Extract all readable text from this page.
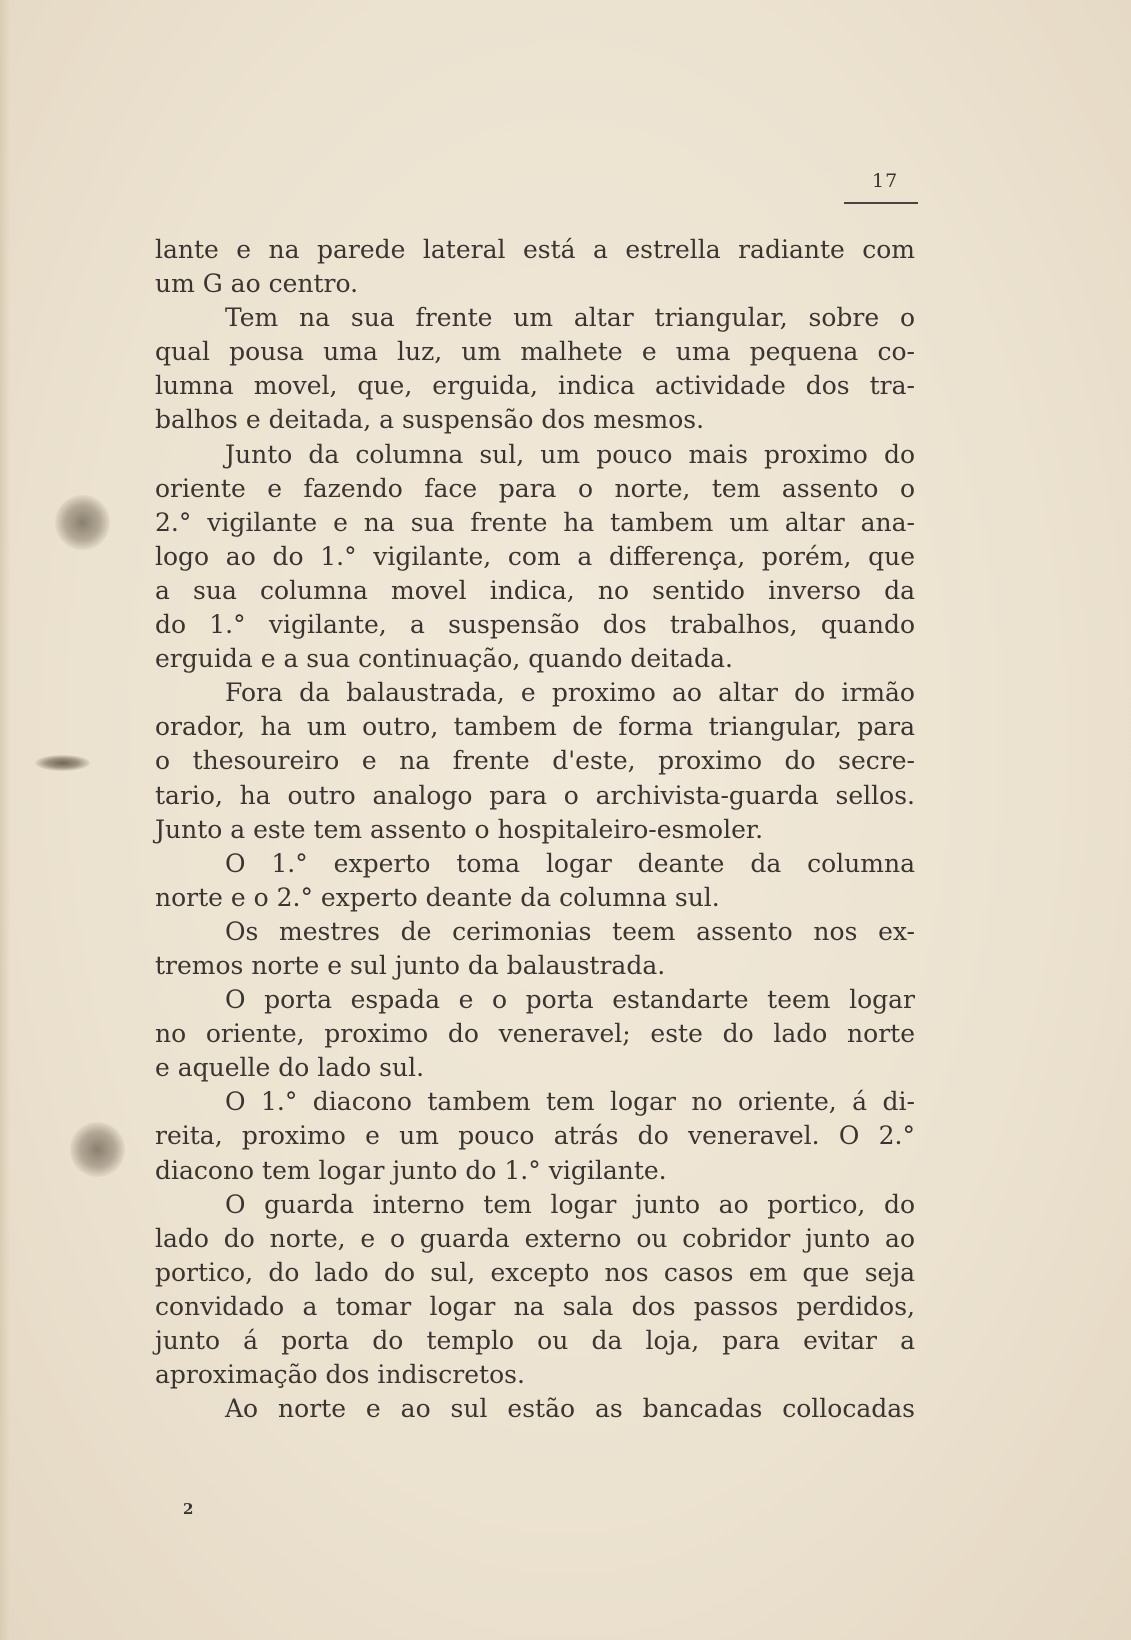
17
lante e na parede lateral está a estrella radiante com
um G ao centro.
Tem na sua frente um altar triangular, sobre o
qual pousa uma luz, um malhete e uma pequena co-
lumna movel, que, erguida, indica actividade dos tra-
balhos e deitada, a suspensão dos mesmos.
Junto da columna sul, um pouco mais proximo do
oriente e fazendo face para o norte, tem assento o
2.° vigilante e na sua frente ha tambem um altar ana-
logo ao do 1.° vigilante, com a differença, porém, que
a sua columna movel indica, no sentido inverso da
do 1.° vigilante, a suspensão dos trabalhos, quando
erguida e a sua continuação, quando deitada.
Fora da balaustrada, e proximo ao altar do irmão
orador, ha um outro, tambem de forma triangular, para
o thesoureiro e na frente d'este, proximo do secre-
tario, ha outro analogo para o archivista-guarda sellos.
Junto a este tem assento o hospitaleiro-esmoler.
O 1.° experto toma logar deante da columna
norte e o 2.° experto deante da columna sul.
Os mestres de cerimonias teem assento nos ex-
tremos norte e sul junto da balaustrada.
O porta espada e o porta estandarte teem logar
no oriente, proximo do veneravel; este do lado norte
e aquelle do lado sul.
O 1.° diacono tambem tem logar no oriente, á di-
reita, proximo e um pouco atrás do veneravel. O 2.°
diacono tem logar junto do 1.° vigilante.
O guarda interno tem logar junto ao portico, do
lado do norte, e o guarda externo ou cobridor junto ao
portico, do lado do sul, excepto nos casos em que seja
convidado a tomar logar na sala dos passos perdidos,
junto á porta do templo ou da loja, para evitar a
aproximação dos indiscretos.
Ao norte e ao sul estão as bancadas collocadas
2
